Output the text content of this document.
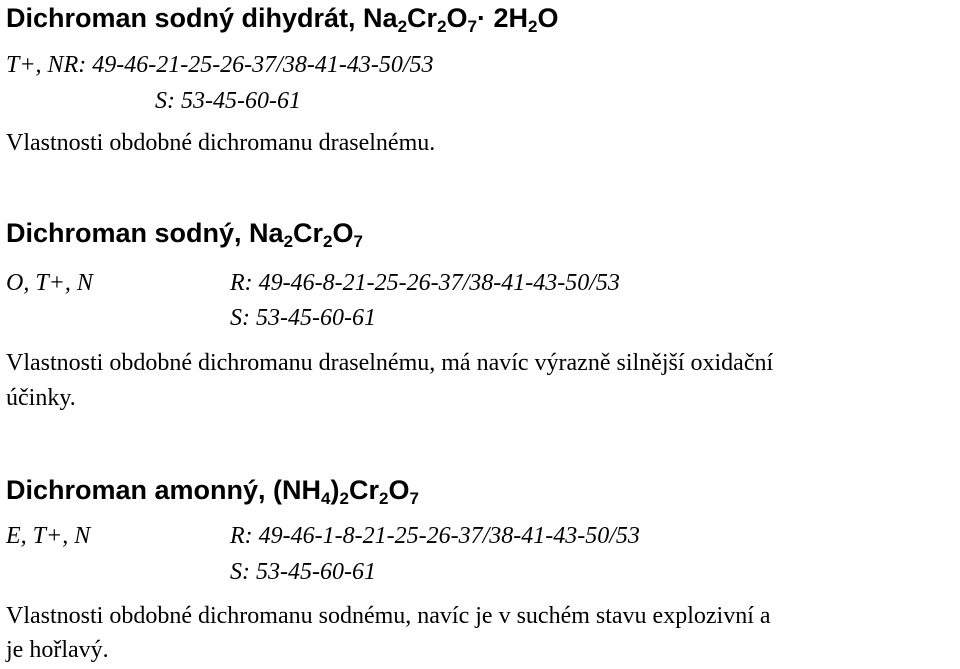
Dichroman sodný dihydrát, $Na_2Cr_2O_7\cdot 2H_2O$
T+, NR: 49-46-21-25-26-37/38-41-43-50/53
S: 53-45-60-61
Vlastnosti obdobné dichromanu draselnému.
Dichroman sodný, $Na_2Cr_2O_7$
O, T+, N	R: 49-46-8-21-25-26-37/38-41-43-50/53
S: 53-45-60-61
Vlastnosti obdobné dichromanu draselnému, má navíc výrazně silnější oxidační
účinky.
Dichroman amonný, $(NH_4)_2Cr_2O_7$
E, T+, N	R: 49-46-1-8-21-25-26-37/38-41-43-50/53
S: 53-45-60-61
Vlastnosti obdobné dichromanu sodnému, navíc je v suchém stavu explozivní a
je hořlavý.
